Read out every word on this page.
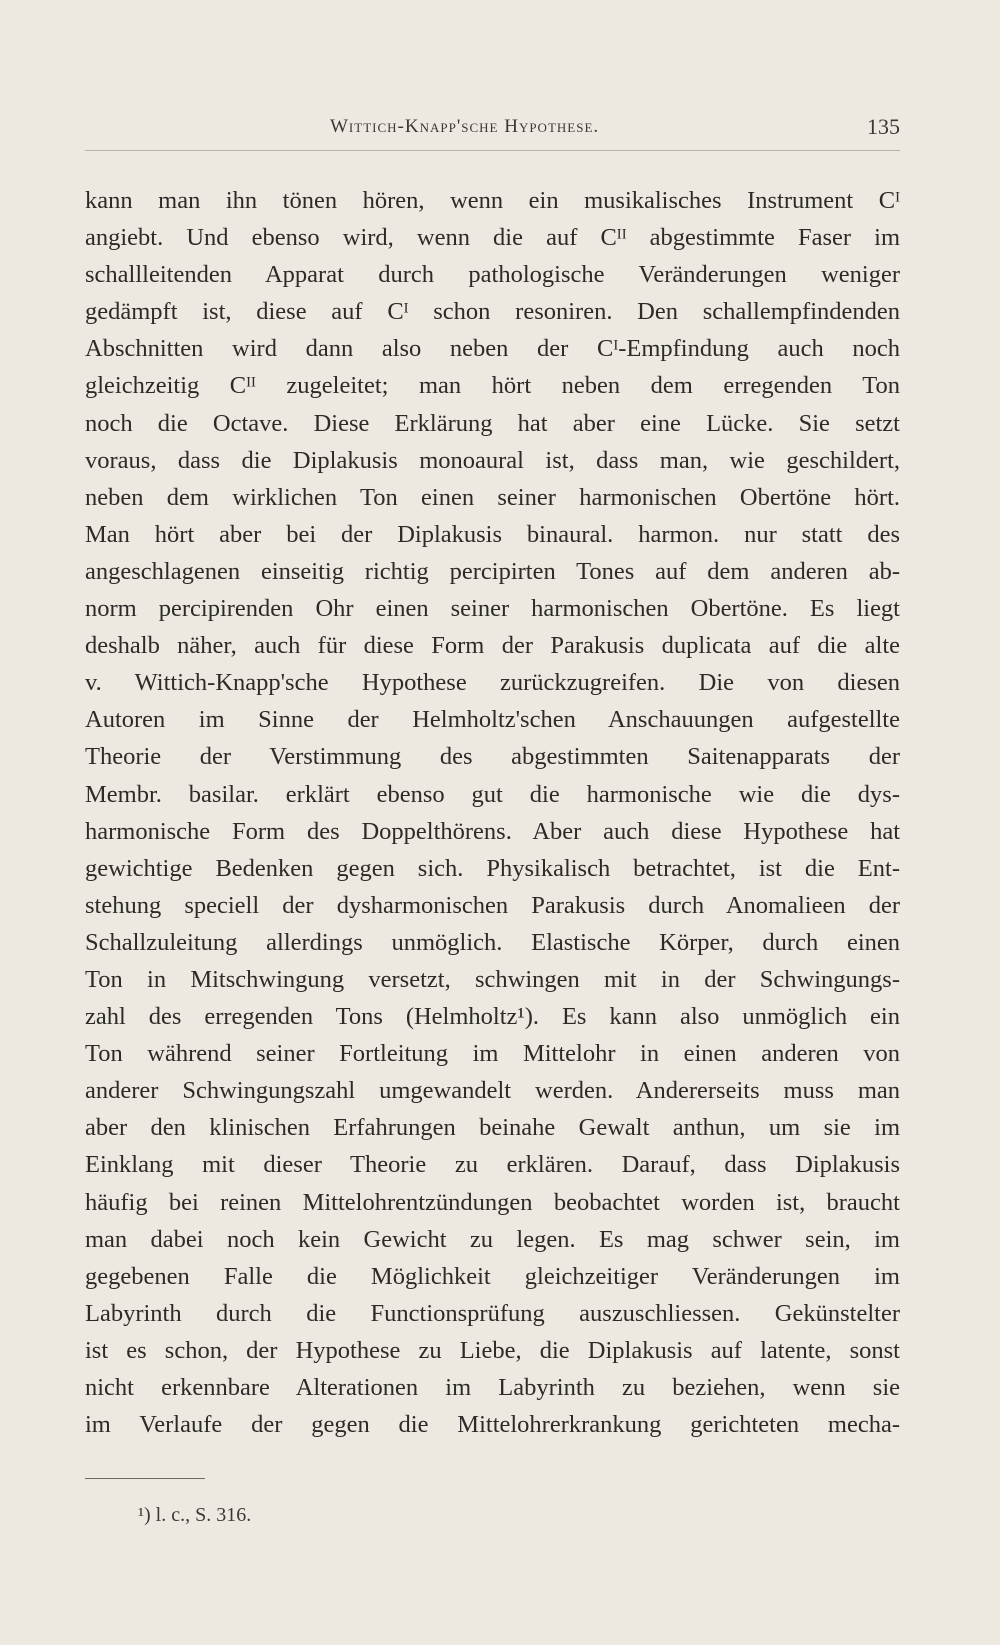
Wittich-Knapp'sche Hypothese.	135
kann man ihn tönen hören, wenn ein musikalisches Instrument Cᴵ
angiebt. Und ebenso wird, wenn die auf Cᴵᴵ abgestimmte Faser im
schallleitenden Apparat durch pathologische Veränderungen weniger
gedämpft ist, diese auf Cᴵ schon resoniren. Den schallempfindenden
Abschnitten wird dann also neben der Cᴵ-Empfindung auch noch
gleichzeitig Cᴵᴵ zugeleitet; man hört neben dem erregenden Ton
noch die Octave. Diese Erklärung hat aber eine Lücke. Sie setzt
voraus, dass die Diplakusis monoaural ist, dass man, wie geschildert,
neben dem wirklichen Ton einen seiner harmonischen Obertöne hört.
Man hört aber bei der Diplakusis binaural. harmon. nur statt des
angeschlagenen einseitig richtig percipirten Tones auf dem anderen ab-
norm percipirenden Ohr einen seiner harmonischen Obertöne. Es liegt
deshalb näher, auch für diese Form der Parakusis duplicata auf die alte
v. Wittich-Knapp'sche Hypothese zurückzugreifen. Die von diesen
Autoren im Sinne der Helmholtz'schen Anschauungen aufgestellte
Theorie der Verstimmung des abgestimmten Saitenapparats der
Membr. basilar. erklärt ebenso gut die harmonische wie die dys-
harmonische Form des Doppelthörens. Aber auch diese Hypothese hat
gewichtige Bedenken gegen sich. Physikalisch betrachtet, ist die Ent-
stehung speciell der dysharmonischen Parakusis durch Anomalieen der
Schallzuleitung allerdings unmöglich. Elastische Körper, durch einen
Ton in Mitschwingung versetzt, schwingen mit in der Schwingungs-
zahl des erregenden Tons (Helmholtz¹). Es kann also unmöglich ein
Ton während seiner Fortleitung im Mittelohr in einen anderen von
anderer Schwingungszahl umgewandelt werden. Andererseits muss man
aber den klinischen Erfahrungen beinahe Gewalt anthun, um sie im
Einklang mit dieser Theorie zu erklären. Darauf, dass Diplakusis
häufig bei reinen Mittelohrentzündungen beobachtet worden ist, braucht
man dabei noch kein Gewicht zu legen. Es mag schwer sein, im
gegebenen Falle die Möglichkeit gleichzeitiger Veränderungen im
Labyrinth durch die Functionsprüfung auszuschliessen. Gekünstelter
ist es schon, der Hypothese zu Liebe, die Diplakusis auf latente, sonst
nicht erkennbare Alterationen im Labyrinth zu beziehen, wenn sie
im Verlaufe der gegen die Mittelohrerkrankung gerichteten mecha-
¹) l. c., S. 316.
